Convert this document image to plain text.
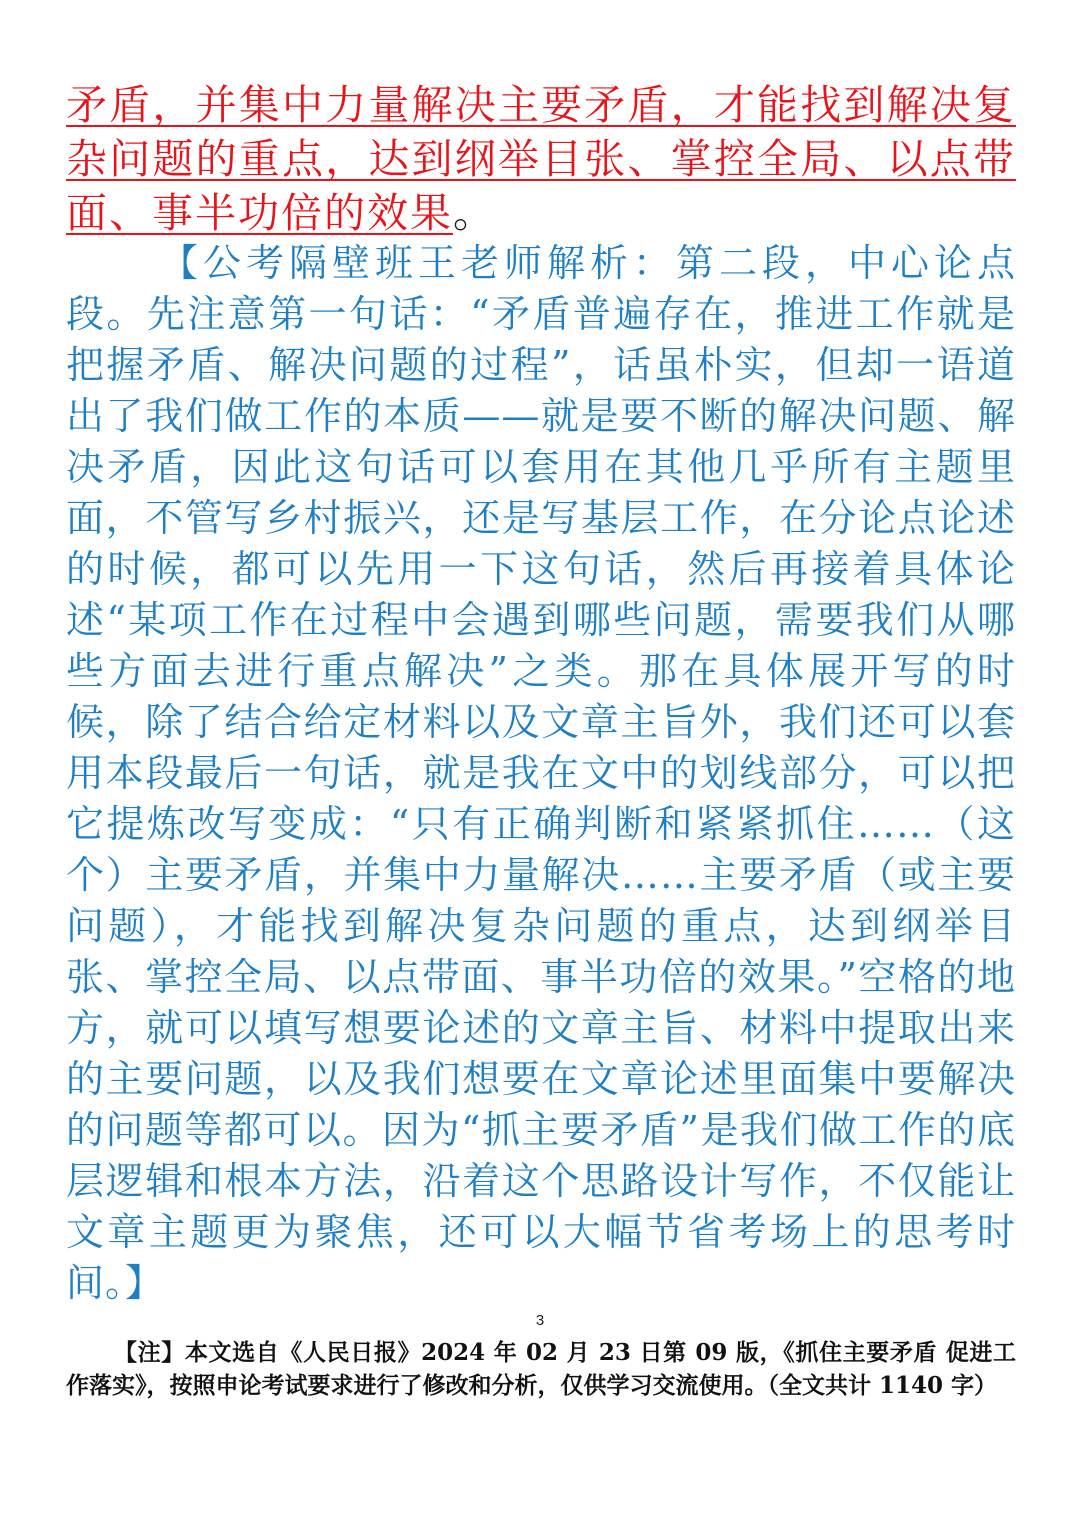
矛盾，并集中力量解决主要矛盾，才能找到解决复杂问题的重点，达到纲举目张、掌控全局、以点带面、事半功倍的效果。

【公考隔壁班王老师解析：第二段，中心论点段。先注意第一句话：“矛盾普遍存在，推进工作就是把握矛盾、解决问题的过程”，话虽朴实，但却一语道出了我们做工作的本质——就是要不断的解决问题、解决矛盾，因此这句话可以套用在其他几乎所有主题里面，不管写乡村振兴，还是写基层工作，在分论点论述的时候，都可以先用一下这句话，然后再接着具体论述“某项工作在过程中会遇到哪些问题，需要我们从哪些方面去进行重点解决”之类。那在具体展开写的时候，除了结合给定材料以及文章主旨外，我们还可以套用本段最后一句话，就是我在文中的划线部分，可以把它提炼改写变成：“只有正确判断和紧紧抓住……（这个）主要矛盾，并集中力量解决……主要矛盾（或主要问题），才能找到解决复杂问题的重点，达到纲举目张、掌控全局、以点带面、事半功倍的效果。”空格的地方，就可以填写想要论述的文章主旨、材料中提取出来的主要问题，以及我们想要在文章论述里面集中要解决的问题等都可以。因为“抓主要矛盾”是我们做工作的底层逻辑和根本方法，沿着这个思路设计写作，不仅能让文章主题更为聚焦，还可以大幅节省考场上的思考时间。】

3

【注】本文选自《人民日报》2024 年 02 月 23 日第 09 版，《抓住主要矛盾 促进工作落实》，按照申论考试要求进行了修改和分析，仅供学习交流使用。（全文共计 1140 字）
